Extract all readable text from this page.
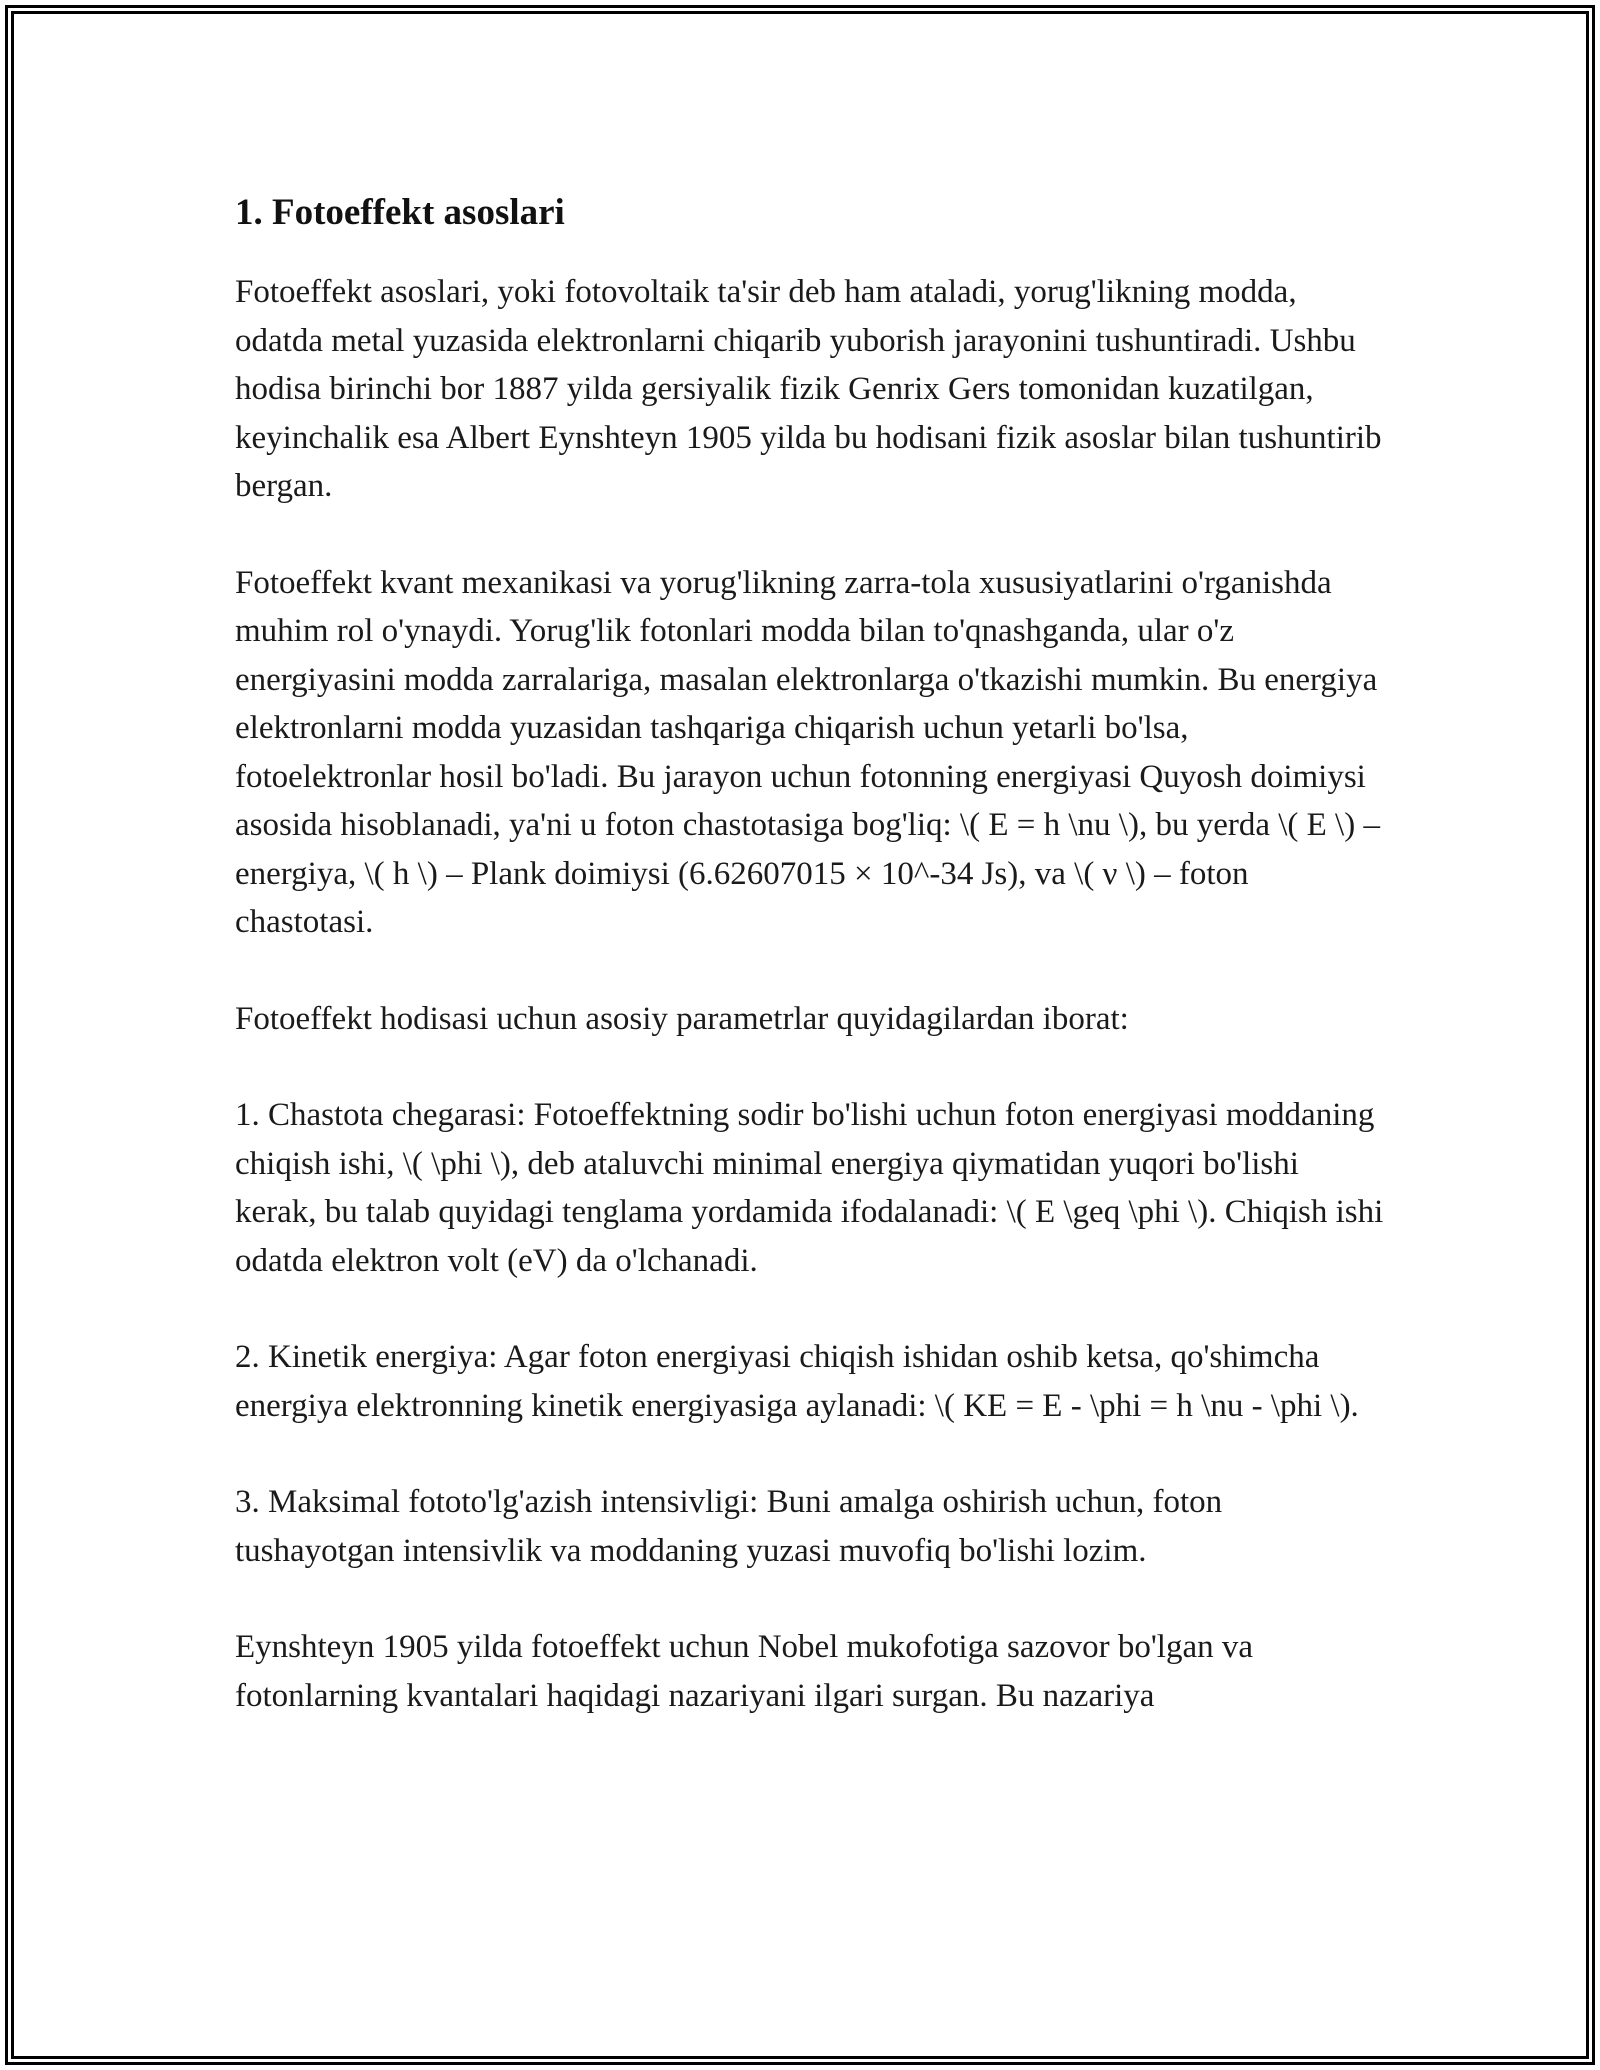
1. Fotoeffekt asoslari

Fotoeffekt asoslari, yoki fotovoltaik ta'sir deb ham ataladi, yorug'likning modda, odatda metal yuzasida elektronlarni chiqarib yuborish jarayonini tushuntiradi. Ushbu hodisa birinchi bor 1887 yilda gersiyalik fizik Genrix Gers tomonidan kuzatilgan, keyinchalik esa Albert Eynshteyn 1905 yilda bu hodisani fizik asoslar bilan tushuntirib bergan.

Fotoeffekt kvant mexanikasi va yorug'likning zarra-tola xususiyatlarini o'rganishda muhim rol o'ynaydi. Yorug'lik fotonlari modda bilan to'qnashganda, ular o'z energiyasini modda zarralariga, masalan elektronlarga o'tkazishi mumkin. Bu energiya elektronlarni modda yuzasidan tashqariga chiqarish uchun yetarli bo'lsa, fotoelektronlar hosil bo'ladi. Bu jarayon uchun fotonning energiyasi Quyosh doimiysi asosida hisoblanadi, ya'ni u foton chastotasiga bog'liq: \( E = h \nu \), bu yerda \( E \) – energiya, \( h \) – Plank doimiysi (6.62607015 × 10^-34 Js), va \( ν \) – foton chastotasi.

Fotoeffekt hodisasi uchun asosiy parametrlar quyidagilardan iborat:

1. Chastota chegarasi: Fotoeffektning sodir bo'lishi uchun foton energiyasi moddaning chiqish ishi, \( \phi \), deb ataluvchi minimal energiya qiymatidan yuqori bo'lishi kerak, bu talab quyidagi tenglama yordamida ifodalanadi: \( E \geq \phi \). Chiqish ishi odatda elektron volt (eV) da o'lchanadi.

2. Kinetik energiya: Agar foton energiyasi chiqish ishidan oshib ketsa, qo'shimcha energiya elektronning kinetik energiyasiga aylanadi: \( KE = E - \phi = h \nu - \phi \).

3. Maksimal fototo'lg'azish intensivligi: Buni amalga oshirish uchun, foton tushayotgan intensivlik va moddaning yuzasi muvofiq bo'lishi lozim.

Eynshteyn 1905 yilda fotoeffekt uchun Nobel mukofotiga sazovor bo'lgan va fotonlarning kvantalari haqidagi nazariyani ilgari surgan. Bu nazariya
